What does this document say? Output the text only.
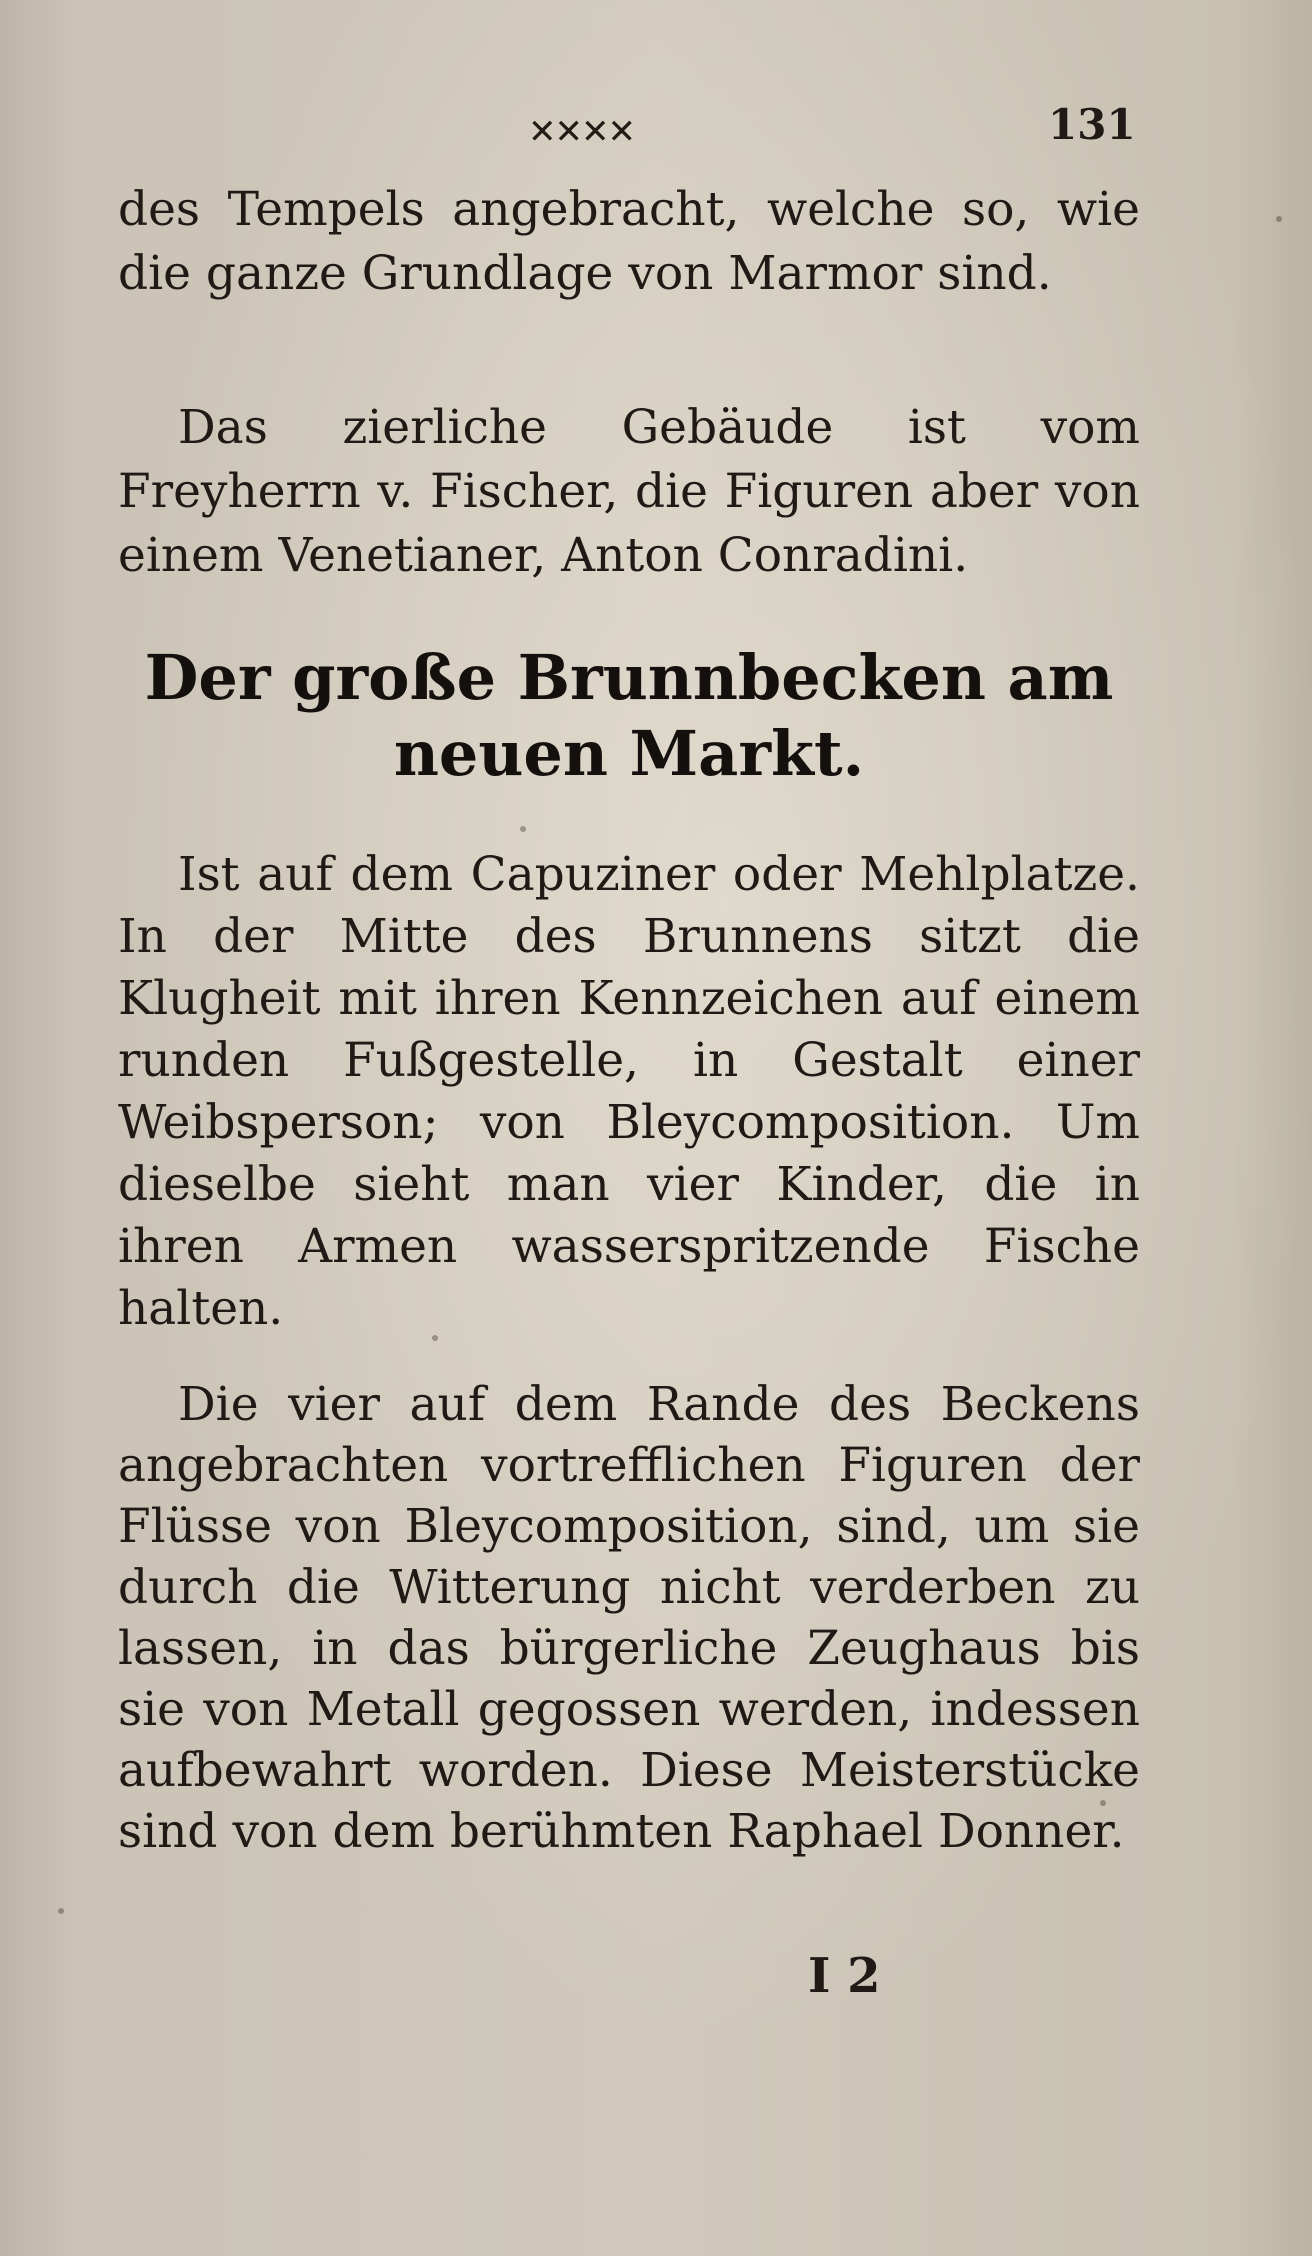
✕✕✕✕	131
des Tempels angebracht, welche so, wie die ganze Grundlage von Marmor sind.
Das zierliche Gebäude ist vom Freyherrn v. Fischer, die Figuren aber von einem Venetianer, Anton Conradini.
Der große Brunnbecken am neuen Markt.
Ist auf dem Capuziner oder Mehlplatze. In der Mitte des Brunnens sitzt die Klugheit mit ihren Kennzeichen auf einem runden Fußgestelle, in Gestalt einer Weibsperson; von Bleycomposition. Um dieselbe sieht man vier Kinder, die in ihren Armen wasserspritzende Fische halten.
Die vier auf dem Rande des Beckens angebrachten vortrefflichen Figuren der Flüsse von Bleycomposition, sind, um sie durch die Witterung nicht verderben zu lassen, in das bürgerliche Zeughaus bis sie von Metall gegossen werden, indessen aufbewahrt worden. Diese Meisterstücke sind von dem berühmten Raphael Donner.
I 2
